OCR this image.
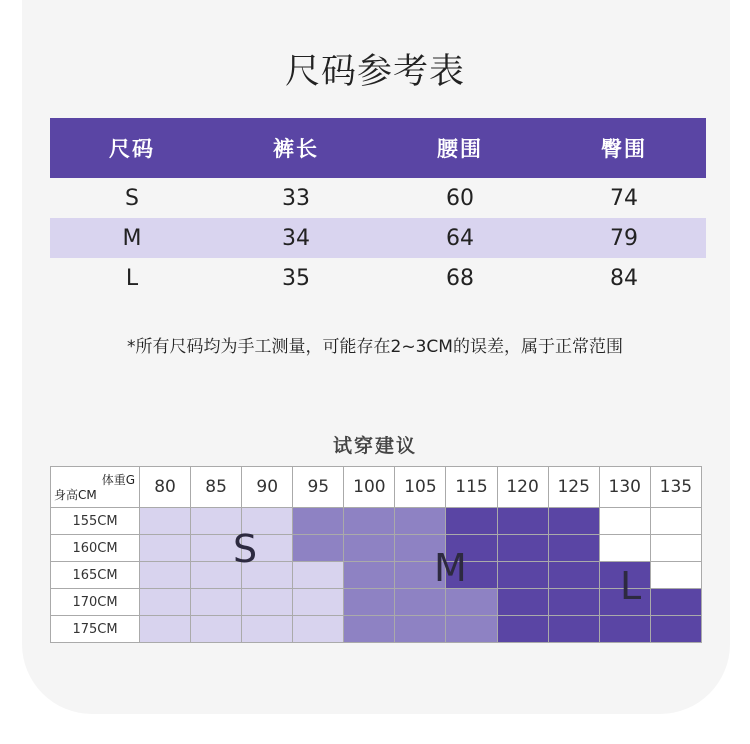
尺码参考表
尺码	裤长	腰围	臀围
S	33	60	74
M	34	64	79
L	35	68	84
*所有尺码均为手工测量，可能存在2~3CM的误差，属于正常范围
试穿建议
体重G
身高CM	80	85	90	95	100	105	115	120	125	130	135
155CM											
160CM											
165CM											
170CM											
175CM											
S	M	L
